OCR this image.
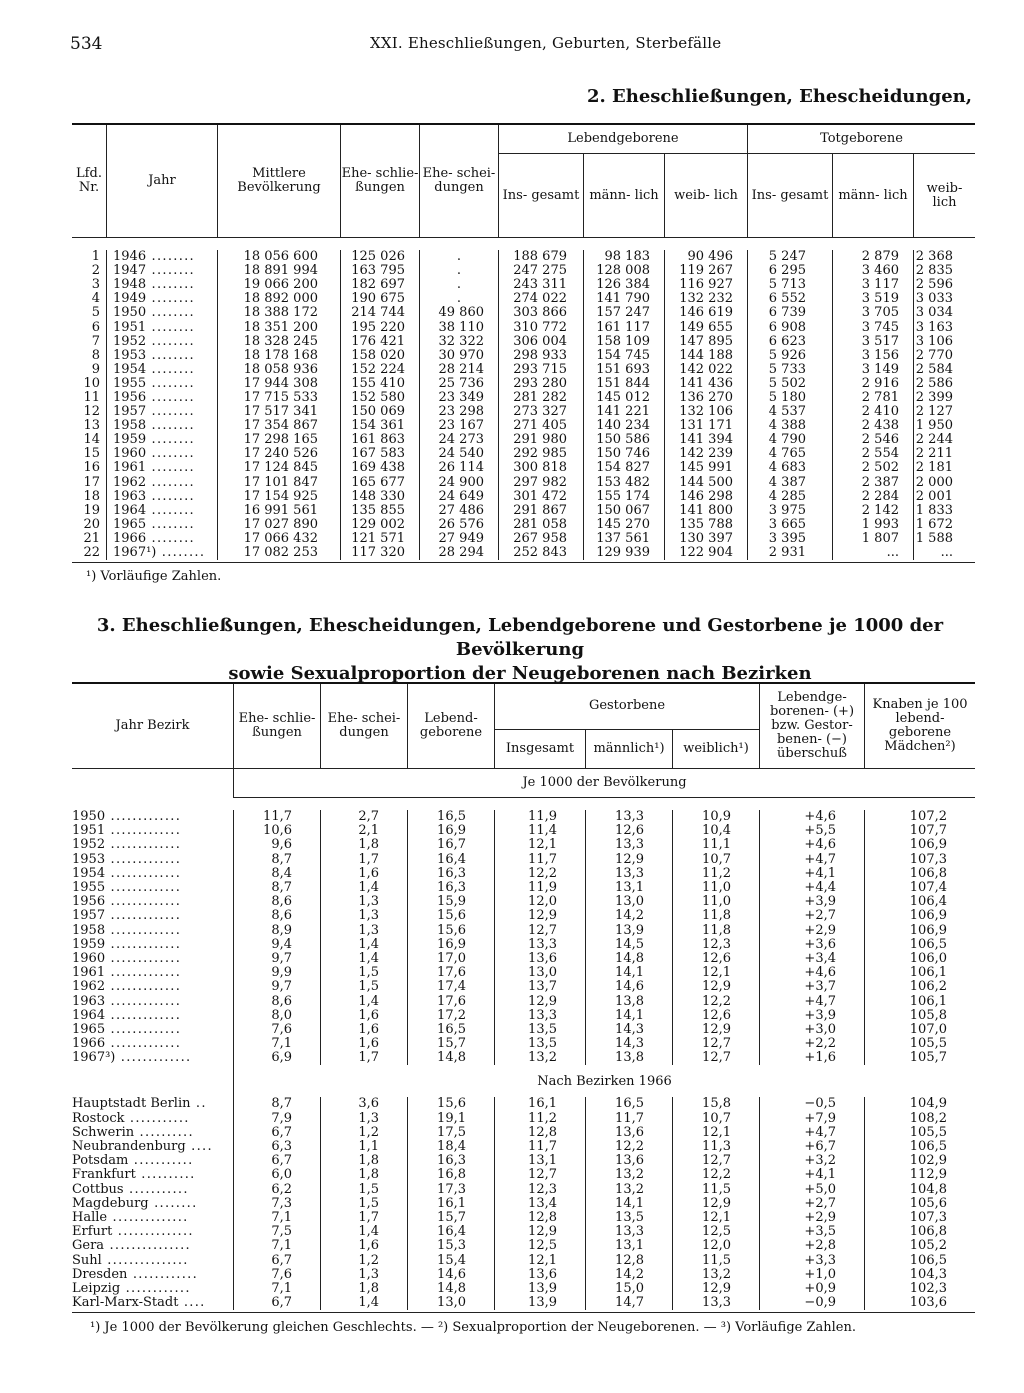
534	XXI. Eheschließungen, Geburten, Sterbefälle
2. Eheschließungen, Ehescheidungen,
Lfd. Nr.	Jahr	Mittlere Bevölkerung	Ehe- schlie- ßungen	Ehe- schei- dungen	Lebendgeborene			Totgeborene		
					Ins- gesamt	männ- lich	weib- lich	Ins- gesamt	männ- lich	weib- lich

1	1946 ........	18 056 600	125 026	.	188 679	98 183	90 496	5 247	2 879	2 368
2	1947 ........	18 891 994	163 795	.	247 275	128 008	119 267	6 295	3 460	2 835
3	1948 ........	19 066 200	182 697	.	243 311	126 384	116 927	5 713	3 117	2 596
4	1949 ........	18 892 000	190 675	.	274 022	141 790	132 232	6 552	3 519	3 033
5	1950 ........	18 388 172	214 744	49 860	303 866	157 247	146 619	6 739	3 705	3 034
6	1951 ........	18 351 200	195 220	38 110	310 772	161 117	149 655	6 908	3 745	3 163
7	1952 ........	18 328 245	176 421	32 322	306 004	158 109	147 895	6 623	3 517	3 106
8	1953 ........	18 178 168	158 020	30 970	298 933	154 745	144 188	5 926	3 156	2 770
9	1954 ........	18 058 936	152 224	28 214	293 715	151 693	142 022	5 733	3 149	2 584
10	1955 ........	17 944 308	155 410	25 736	293 280	151 844	141 436	5 502	2 916	2 586
11	1956 ........	17 715 533	152 580	23 349	281 282	145 012	136 270	5 180	2 781	2 399
12	1957 ........	17 517 341	150 069	23 298	273 327	141 221	132 106	4 537	2 410	2 127
13	1958 ........	17 354 867	154 361	23 167	271 405	140 234	131 171	4 388	2 438	1 950
14	1959 ........	17 298 165	161 863	24 273	291 980	150 586	141 394	4 790	2 546	2 244
15	1960 ........	17 240 526	167 583	24 540	292 985	150 746	142 239	4 765	2 554	2 211
16	1961 ........	17 124 845	169 438	26 114	300 818	154 827	145 991	4 683	2 502	2 181
17	1962 ........	17 101 847	165 677	24 900	297 982	153 482	144 500	4 387	2 387	2 000
18	1963 ........	17 154 925	148 330	24 649	301 472	155 174	146 298	4 285	2 284	2 001
19	1964 ........	16 991 561	135 855	27 486	291 867	150 067	141 800	3 975	2 142	1 833
20	1965 ........	17 027 890	129 002	26 576	281 058	145 270	135 788	3 665	1 993	1 672
21	1966 ........	17 066 432	121 571	27 949	267 958	137 561	130 397	3 395	1 807	1 588
22	1967¹) ........	17 082 253	117 320	28 294	252 843	129 939	122 904	2 931	...	...

¹) Vorläufige Zahlen.
3. Eheschließungen, Ehescheidungen, Lebendgeborene und Gestorbene je 1000 der Bevölkerung
sowie Sexualproportion der Neugeborenen nach Bezirken
Jahr Bezirk	Ehe- schlie- ßungen	Ehe- schei- dungen	Lebend- geborene	Gestorbene			Lebendge- borenen- (+) bzw. Gestor- benen- (−) überschuß	Knaben je 100 lebend- geborene Mädchen²)
				Insgesamt	männlich¹)	weiblich¹)		
	Je 1000 der Bevölkerung							

1950 .............	11,7	2,7	16,5	11,9	13,3	10,9	+4,6	107,2
1951 .............	10,6	2,1	16,9	11,4	12,6	10,4	+5,5	107,7
1952 .............	9,6	1,8	16,7	12,1	13,3	11,1	+4,6	106,9
1953 .............	8,7	1,7	16,4	11,7	12,9	10,7	+4,7	107,3
1954 .............	8,4	1,6	16,3	12,2	13,3	11,2	+4,1	106,8
1955 .............	8,7	1,4	16,3	11,9	13,1	11,0	+4,4	107,4
1956 .............	8,6	1,3	15,9	12,0	13,0	11,0	+3,9	106,4
1957 .............	8,6	1,3	15,6	12,9	14,2	11,8	+2,7	106,9
1958 .............	8,9	1,3	15,6	12,7	13,9	11,8	+2,9	106,9
1959 .............	9,4	1,4	16,9	13,3	14,5	12,3	+3,6	106,5
1960 .............	9,7	1,4	17,0	13,6	14,8	12,6	+3,4	106,0
1961 .............	9,9	1,5	17,6	13,0	14,1	12,1	+4,6	106,1
1962 .............	9,7	1,5	17,4	13,7	14,6	12,9	+3,7	106,2
1963 .............	8,6	1,4	17,6	12,9	13,8	12,2	+4,7	106,1
1964 .............	8,0	1,6	17,2	13,3	14,1	12,6	+3,9	105,8
1965 .............	7,6	1,6	16,5	13,5	14,3	12,9	+3,0	107,0
1966 .............	7,1	1,6	15,7	13,5	14,3	12,7	+2,2	105,5
1967³) .............	6,9	1,7	14,8	13,2	13,8	12,7	+1,6	105,7
	Nach Bezirken 1966							
Hauptstadt Berlin ..	8,7	3,6	15,6	16,1	16,5	15,8	−0,5	104,9
Rostock ...........	7,9	1,3	19,1	11,2	11,7	10,7	+7,9	108,2
Schwerin ..........	6,7	1,2	17,5	12,8	13,6	12,1	+4,7	105,5
Neubrandenburg ....	6,3	1,1	18,4	11,7	12,2	11,3	+6,7	106,5
Potsdam ...........	6,7	1,8	16,3	13,1	13,6	12,7	+3,2	102,9
Frankfurt ..........	6,0	1,8	16,8	12,7	13,2	12,2	+4,1	112,9
Cottbus ...........	6,2	1,5	17,3	12,3	13,2	11,5	+5,0	104,8
Magdeburg ........	7,3	1,5	16,1	13,4	14,1	12,9	+2,7	105,6
Halle ..............	7,1	1,7	15,7	12,8	13,5	12,1	+2,9	107,3
Erfurt ..............	7,5	1,4	16,4	12,9	13,3	12,5	+3,5	106,8
Gera ...............	7,1	1,6	15,3	12,5	13,1	12,0	+2,8	105,2
Suhl ...............	6,7	1,2	15,4	12,1	12,8	11,5	+3,3	106,5
Dresden ............	7,6	1,3	14,6	13,6	14,2	13,2	+1,0	104,3
Leipzig ............	7,1	1,8	14,8	13,9	15,0	12,9	+0,9	102,3
Karl-Marx-Stadt ....	6,7	1,4	13,0	13,9	14,7	13,3	−0,9	103,6

¹) Je 1000 der Bevölkerung gleichen Geschlechts. — ²) Sexualproportion der Neugeborenen. — ³) Vorläufige Zahlen.
